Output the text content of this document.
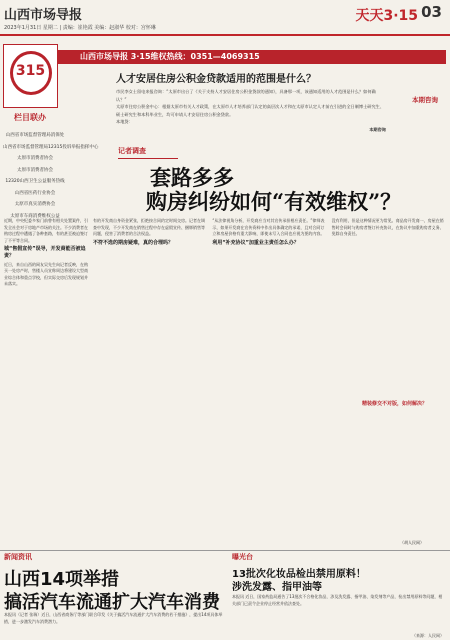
山西市场导报
2023年1月31日 星期二 | 责编：崔艳霞 美编：赵淑华 校对：宫怀琳
天天3·15 03
山西市场导报 3·15维权热线：0351—4069315
315
栏目联办
山西省市场监督管理局消保处
山西省市场监督管理局12315投诉举报指挥中心
太原市消费者协会
太原市消费者协会
12320山西卫生公益服务热线
山西省医药行业协会
太原市真实消费协会
太原市车商消费维权公益
人才安居住房公积金贷款适用的范围是什么？

市民李女士留电来报咨询：“太原市出台了《关于支持人才安居住房公积金贷款的通知》，具备那一项，该通知适用的人才范围是什么？如何确认？”

太原市住房公积金中心：根据太原市有关人才政策，在太原市人才培养部门认定的高层次人才和在太原市认定人才前在引进的全日制博士研究生、硕士研究生和本科毕业生，均可申请人才安居住房公积金贷款。

本地贷：

本期咨询

本期咨询
记者调查
套路多多
购房纠纷如何“有效维权”？

近期，中央纪委多家门前曾有相关处置案件，引发全社会对于房地产市场的关注。不少消费者在购房过程中遭遇了各种套路，有的甚至被迫签订了不平等合同。

城“售假宣传”误导，开发商能否被追责？

近日，来自山西的网友吴先生向记者反映，在购买一处房产时，售楼人员宣称周边将建设大型商业综合体和重点学校，但实际交房后发现规划并未落实。

有的开发商自身资金紧张，拒绝按合同约定时间交房。记者在调查中发现，不少开发商在销售过程中存在虚假宣传、捆绑销售等问题，侵害了消费者的合法权益。

不符不选的期房疑难，真的合理吗？

“从法律视角分析，开发商应当对其宣传承担相应责任。”律师表示，如果开发商在宣传资料中作出具体确定的承诺，且对合同订立和房屋价格有重大影响，即使未写入合同也应视为要约内容。

利用“补充协议”加重业主责任怎么办？

没有利用，但是这种情况更为常见。商品房开发商一、房屋在销售时会同时与购房者签订补充协议，在协议中加重购房者义务、免除自身责任。

精装修交不对版，如何解决？
（胡人民网）
新闻资讯
山西14项举措
搞活汽车流通扩大汽车消费
本报讯（记者 张瑞）近日，山西省商务厅等部门联合印发《关于搞活汽车流通扩大汽车消费的若干措施》，提出14项具体举措，进一步激发汽车消费潜力。
曝光台
13批次化妆品检出禁用原料！
涉洗发露、指甲油等
本报讯 近日，国家药监局通告了13批次不合格化妆品，涉及洗发露、指甲油、染发剂等产品，检出禁用原料等问题，相关部门已责令企业停止经营并依法查处。
（来源：人民网）
